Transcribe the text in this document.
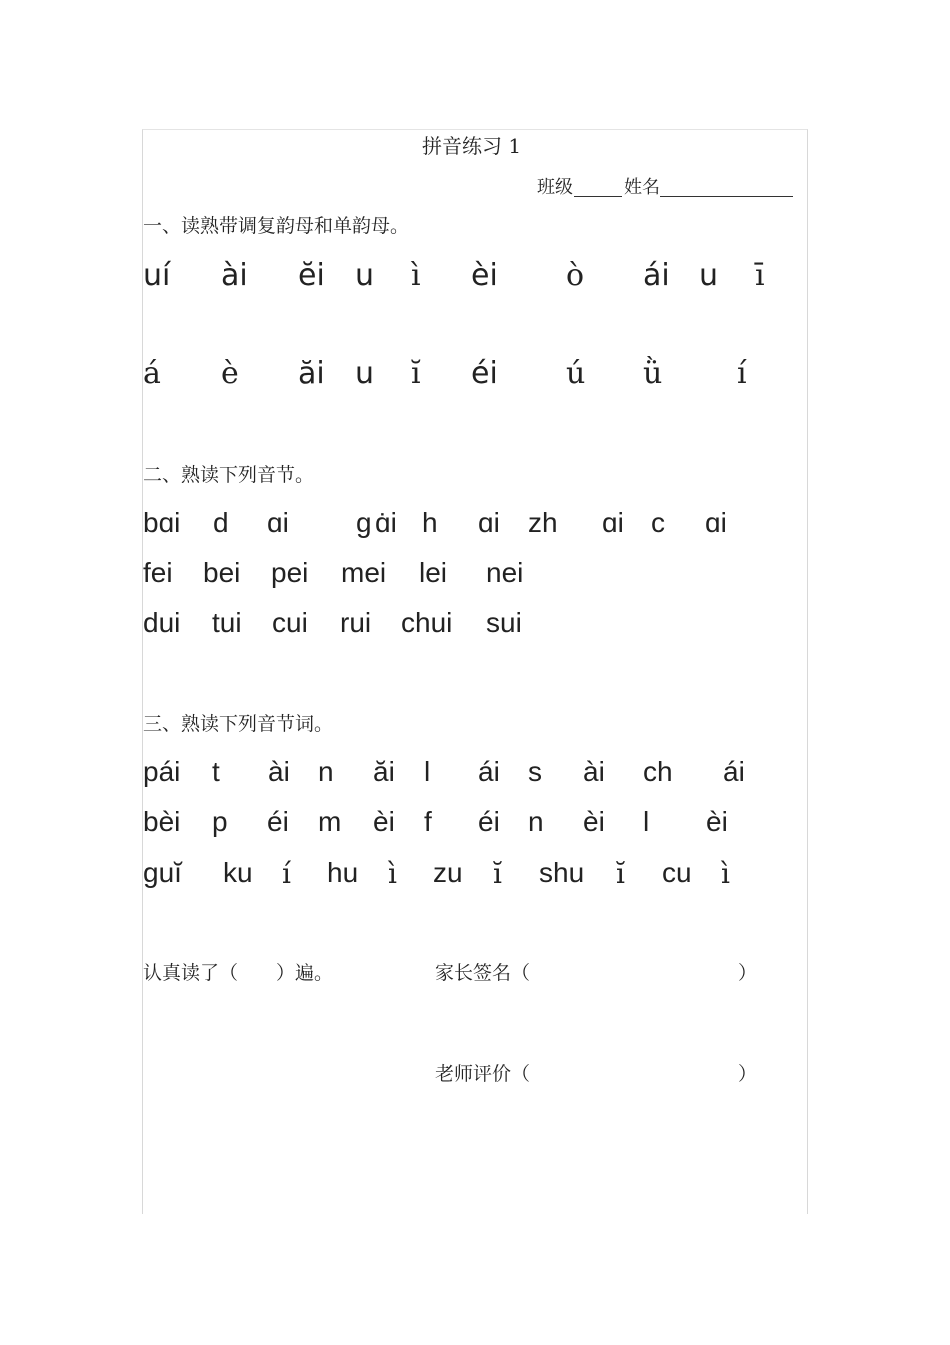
拼音练习 1
班级	姓名
一、读熟带调复韵母和单韵母。
uí ài ĕi u ì èi ò ái u ī
á è ăi u ĭ éi ú ǜ í
二、熟读下列音节。
bɑi d ɑi g ɑ̇i h ɑi zh ɑi c ɑi
fei bei pei mei lei nei
dui tui cui rui chui sui
三、熟读下列音节词。
pái t ài n ăi l ái s ài ch ái
bèi p éi m èi f éi n èi l èi
guĭ ku í hu ì zu ĭ shu ĭ cu ì
认真读了（　　）遍。	家长签名（	）
老师评价（	）
